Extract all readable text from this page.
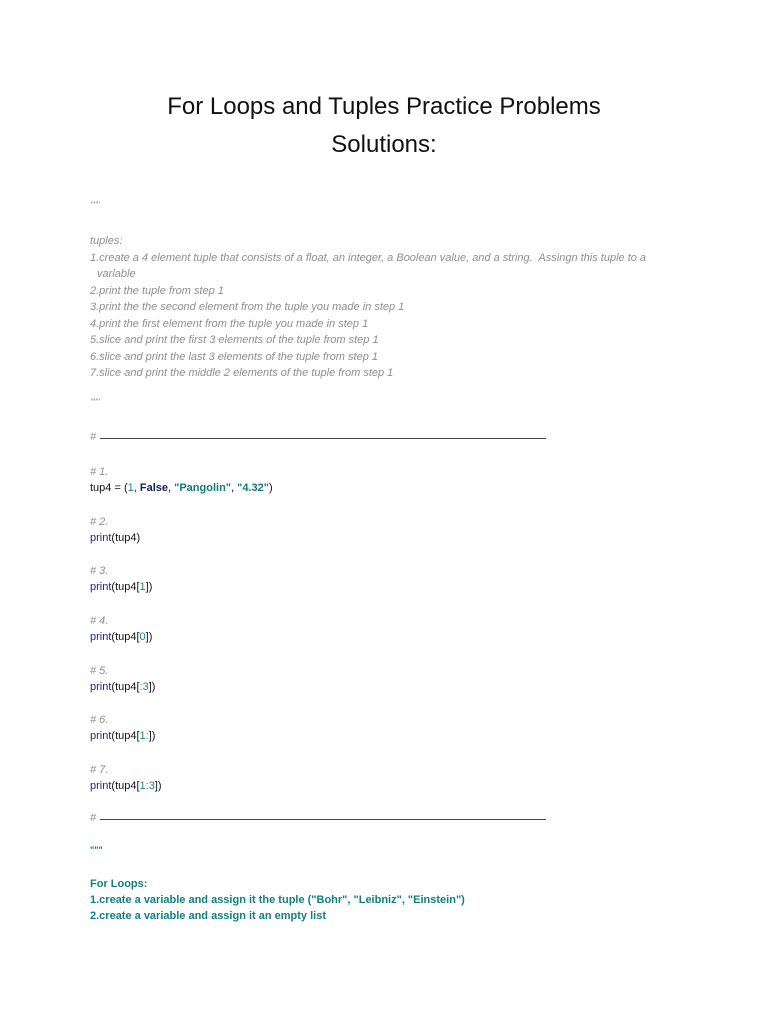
For Loops and Tuples Practice Problems
Solutions:
"""
tuples:
1.create a 4 element tuple that consists of a float, an integer, a Boolean value, and a string.  Assingn this tuple to a
variable
2.print the tuple from step 1
3.print the the second element from the tuple you made in step 1
4.print the first element from the tuple you made in step 1
5.slice and print the first 3 elements of the tuple from step 1
6.slice and print the last 3 elements of the tuple from step 1
7.slice and print the middle 2 elements of the tuple from step 1
"""
#
# 1.
tup4 = (1, False, "Pangolin", "4.32")
# 2.
print(tup4)
# 3.
print(tup4[1])
# 4.
print(tup4[0])
# 5.
print(tup4[:3])
# 6.
print(tup4[1:])
# 7.
print(tup4[1:3])
#
"""
For Loops:
1.create a variable and assign it the tuple ("Bohr", "Leibniz", "Einstein")
2.create a variable and assign it an empty list
